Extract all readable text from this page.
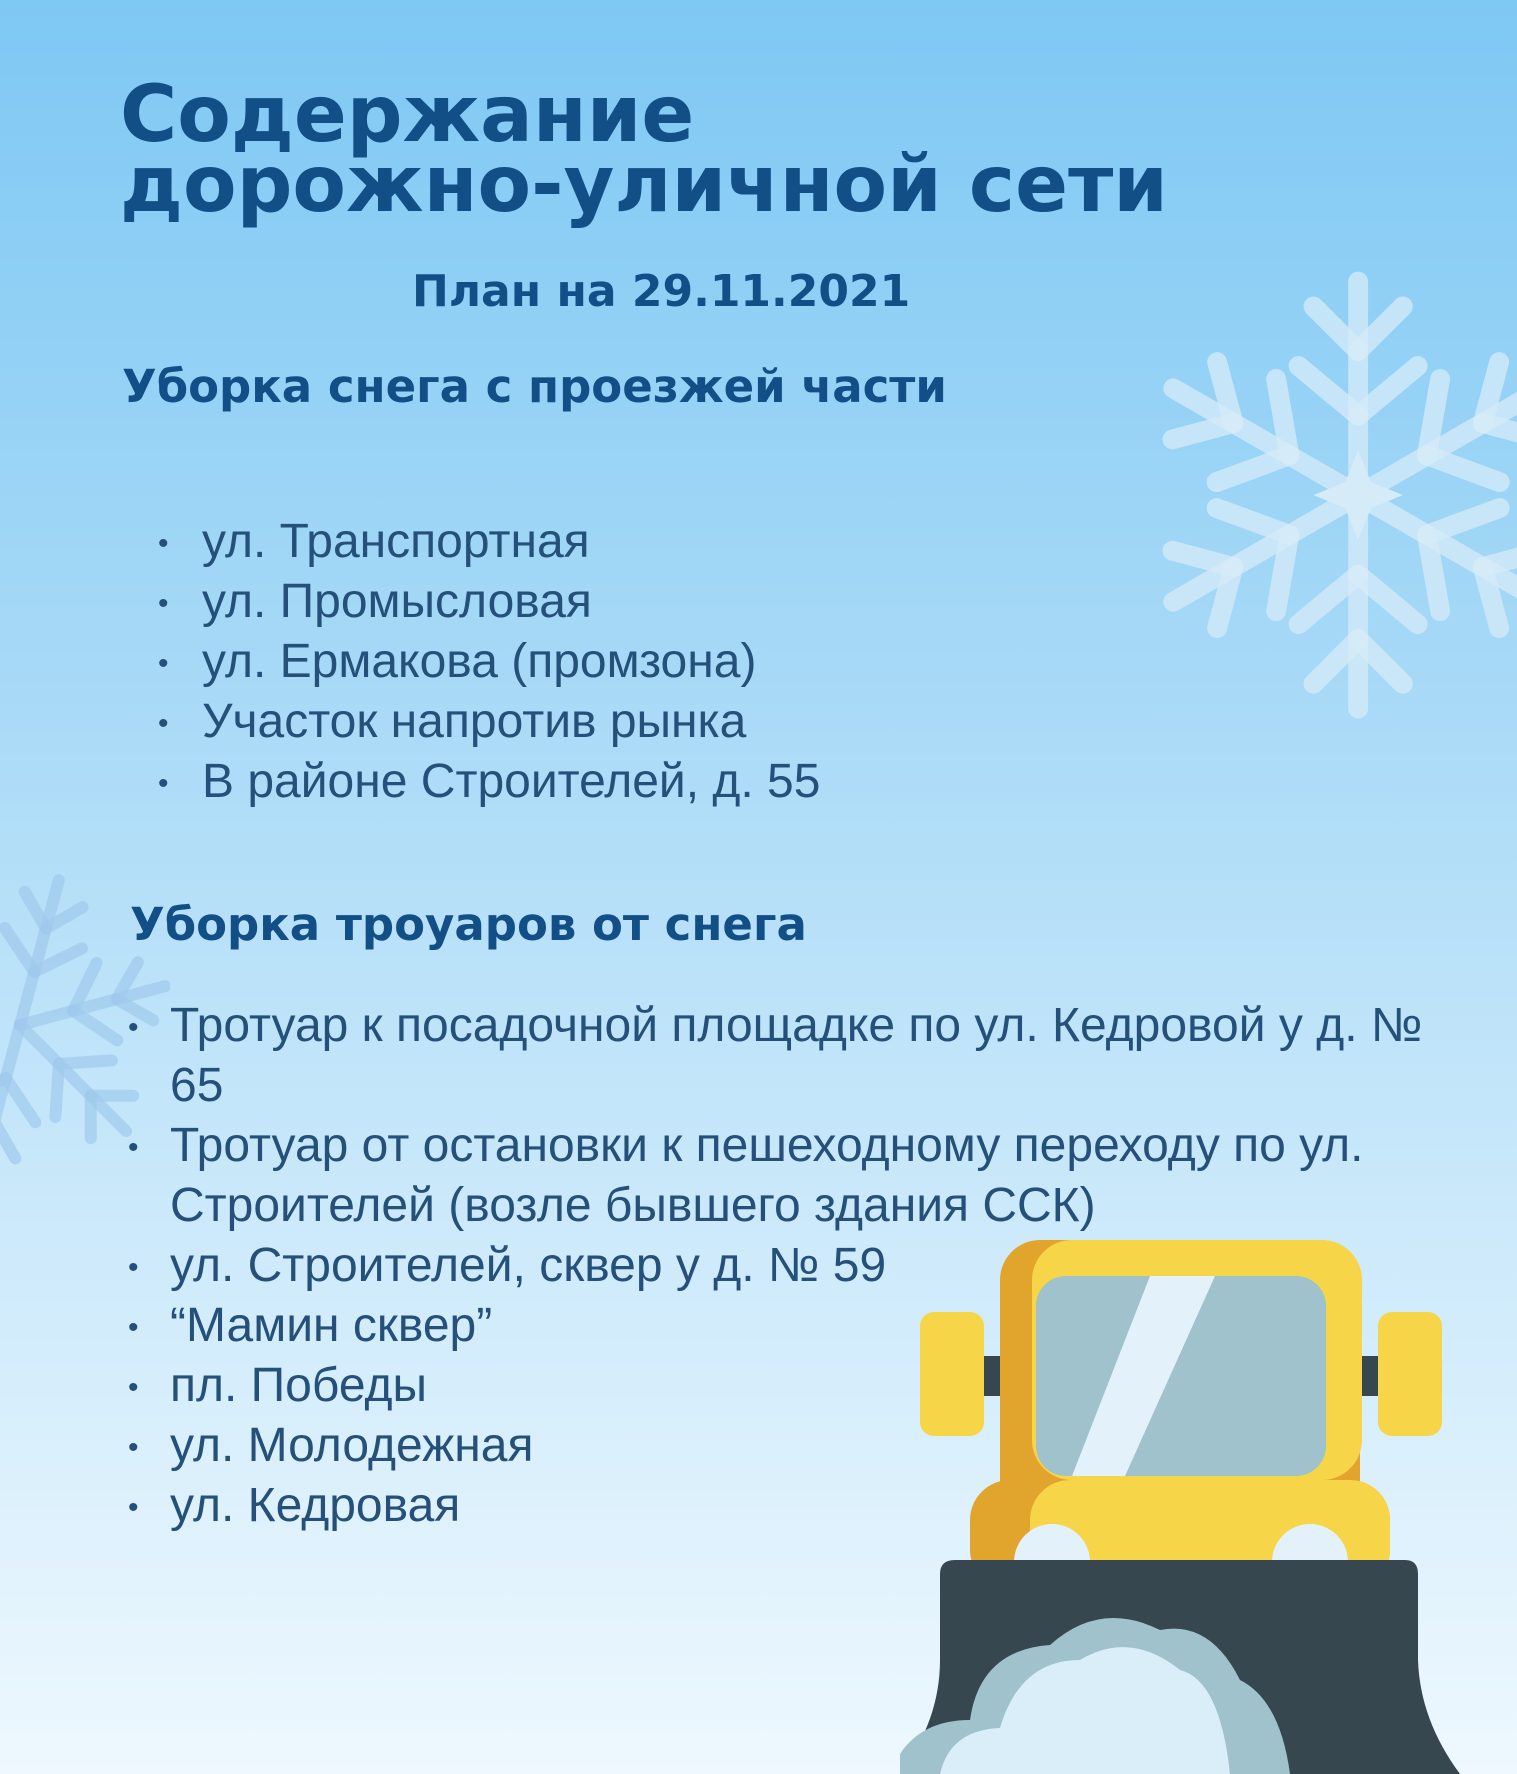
Содержание
дорожно-уличной сети
План на 29.11.2021
Уборка снега с проезжей части
• ул. Транспортная
• ул. Промысловая
• ул. Ермакова (промзона)
• Участок напротив рынка
• В районе Строителей, д. 55
Уборка троуаров от снега
• Тротуар к посадочной площадке по ул. Кедровой у д. № 65
• Тротуар от остановки к пешеходному переходу по ул. Строителей (возле бывшего здания ССК)
• ул. Строителей, сквер у д. № 59
• “Мамин сквер”
• пл. Победы
• ул. Молодежная
• ул. Кедровая
